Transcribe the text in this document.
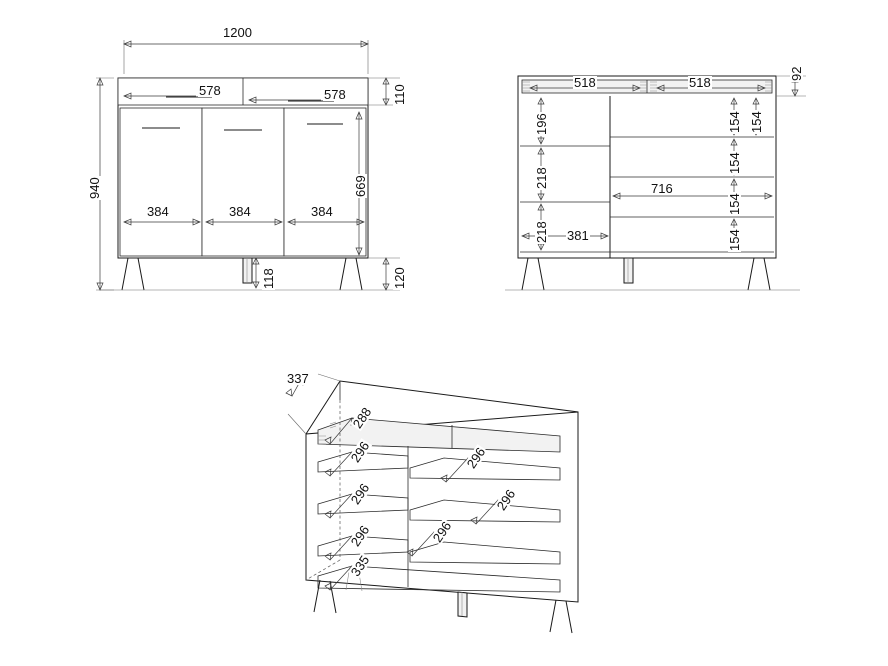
1200
940
578	578	110
669
384	384	384
118	120
518	518
92
196
218
218 381
716
154
154
154
154
154
337
288
296
296
296
296
296
296
335
